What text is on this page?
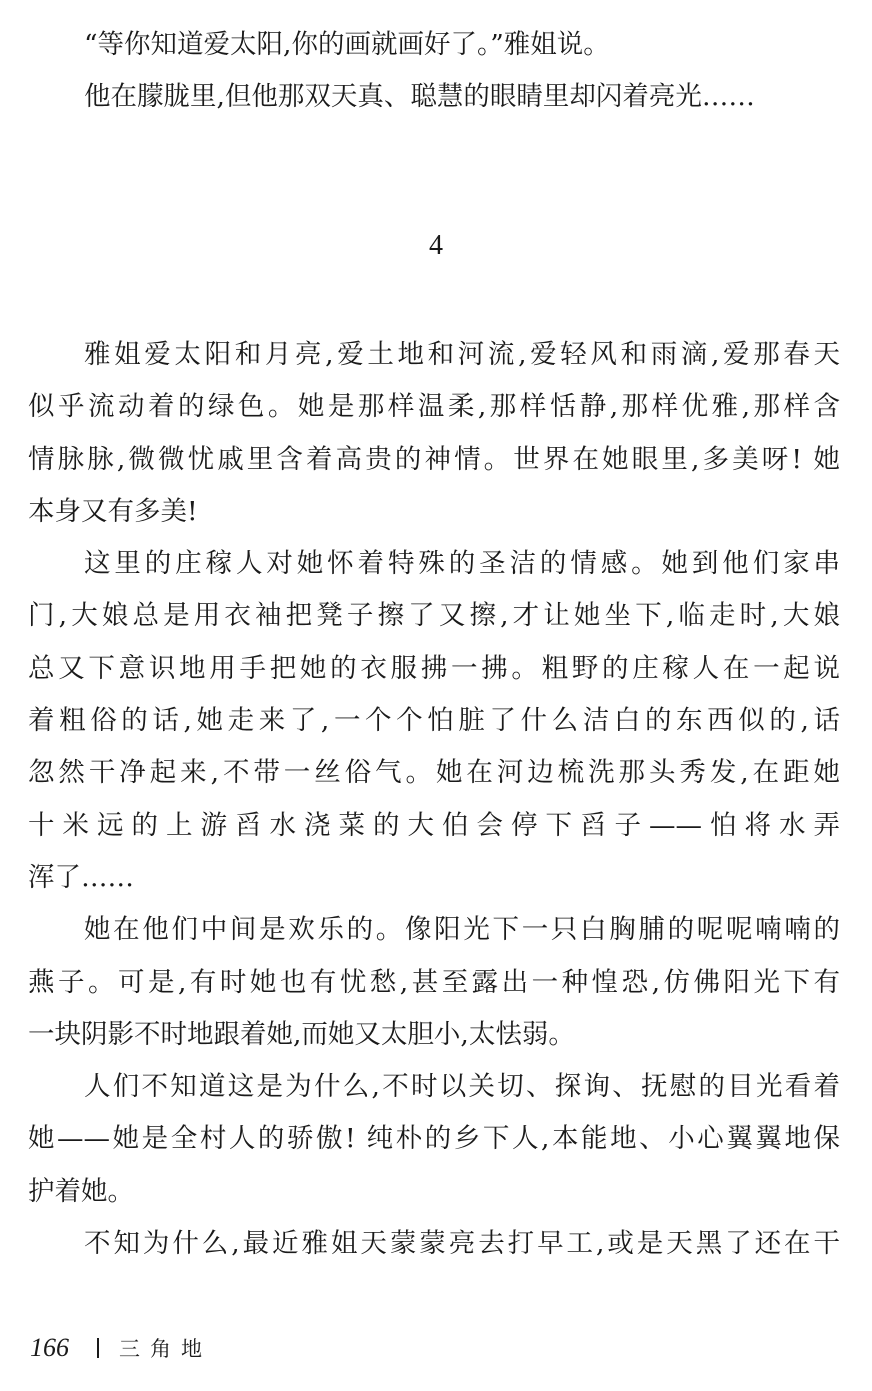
“等你知道爱太阳,你的画就画好了。”雅姐说。
他在朦胧里,但他那双天真、聪慧的眼睛里却闪着亮光……
4
雅姐爱太阳和月亮,爱土地和河流,爱轻风和雨滴,爱那春天
似乎流动着的绿色。她是那样温柔,那样恬静,那样优雅,那样含
情脉脉,微微忧戚里含着高贵的神情。世界在她眼里,多美呀! 她
本身又有多美!
这里的庄稼人对她怀着特殊的圣洁的情感。她到他们家串
门,大娘总是用衣袖把凳子擦了又擦,才让她坐下,临走时,大娘
总又下意识地用手把她的衣服拂一拂。粗野的庄稼人在一起说
着粗俗的话,她走来了,一个个怕脏了什么洁白的东西似的,话
忽然干净起来,不带一丝俗气。她在河边梳洗那头秀发,在距她
十米远的上游舀水浇菜的大伯会停下舀子——怕将水弄
浑了……
她在他们中间是欢乐的。像阳光下一只白胸脯的呢呢喃喃的
燕子。可是,有时她也有忧愁,甚至露出一种惶恐,仿佛阳光下有
一块阴影不时地跟着她,而她又太胆小,太怯弱。
人们不知道这是为什么,不时以关切、探询、抚慰的目光看着
她——她是全村人的骄傲! 纯朴的乡下人,本能地、小心翼翼地保
护着她。
不知为什么,最近雅姐天蒙蒙亮去打早工,或是天黑了还在干
166 三角地
